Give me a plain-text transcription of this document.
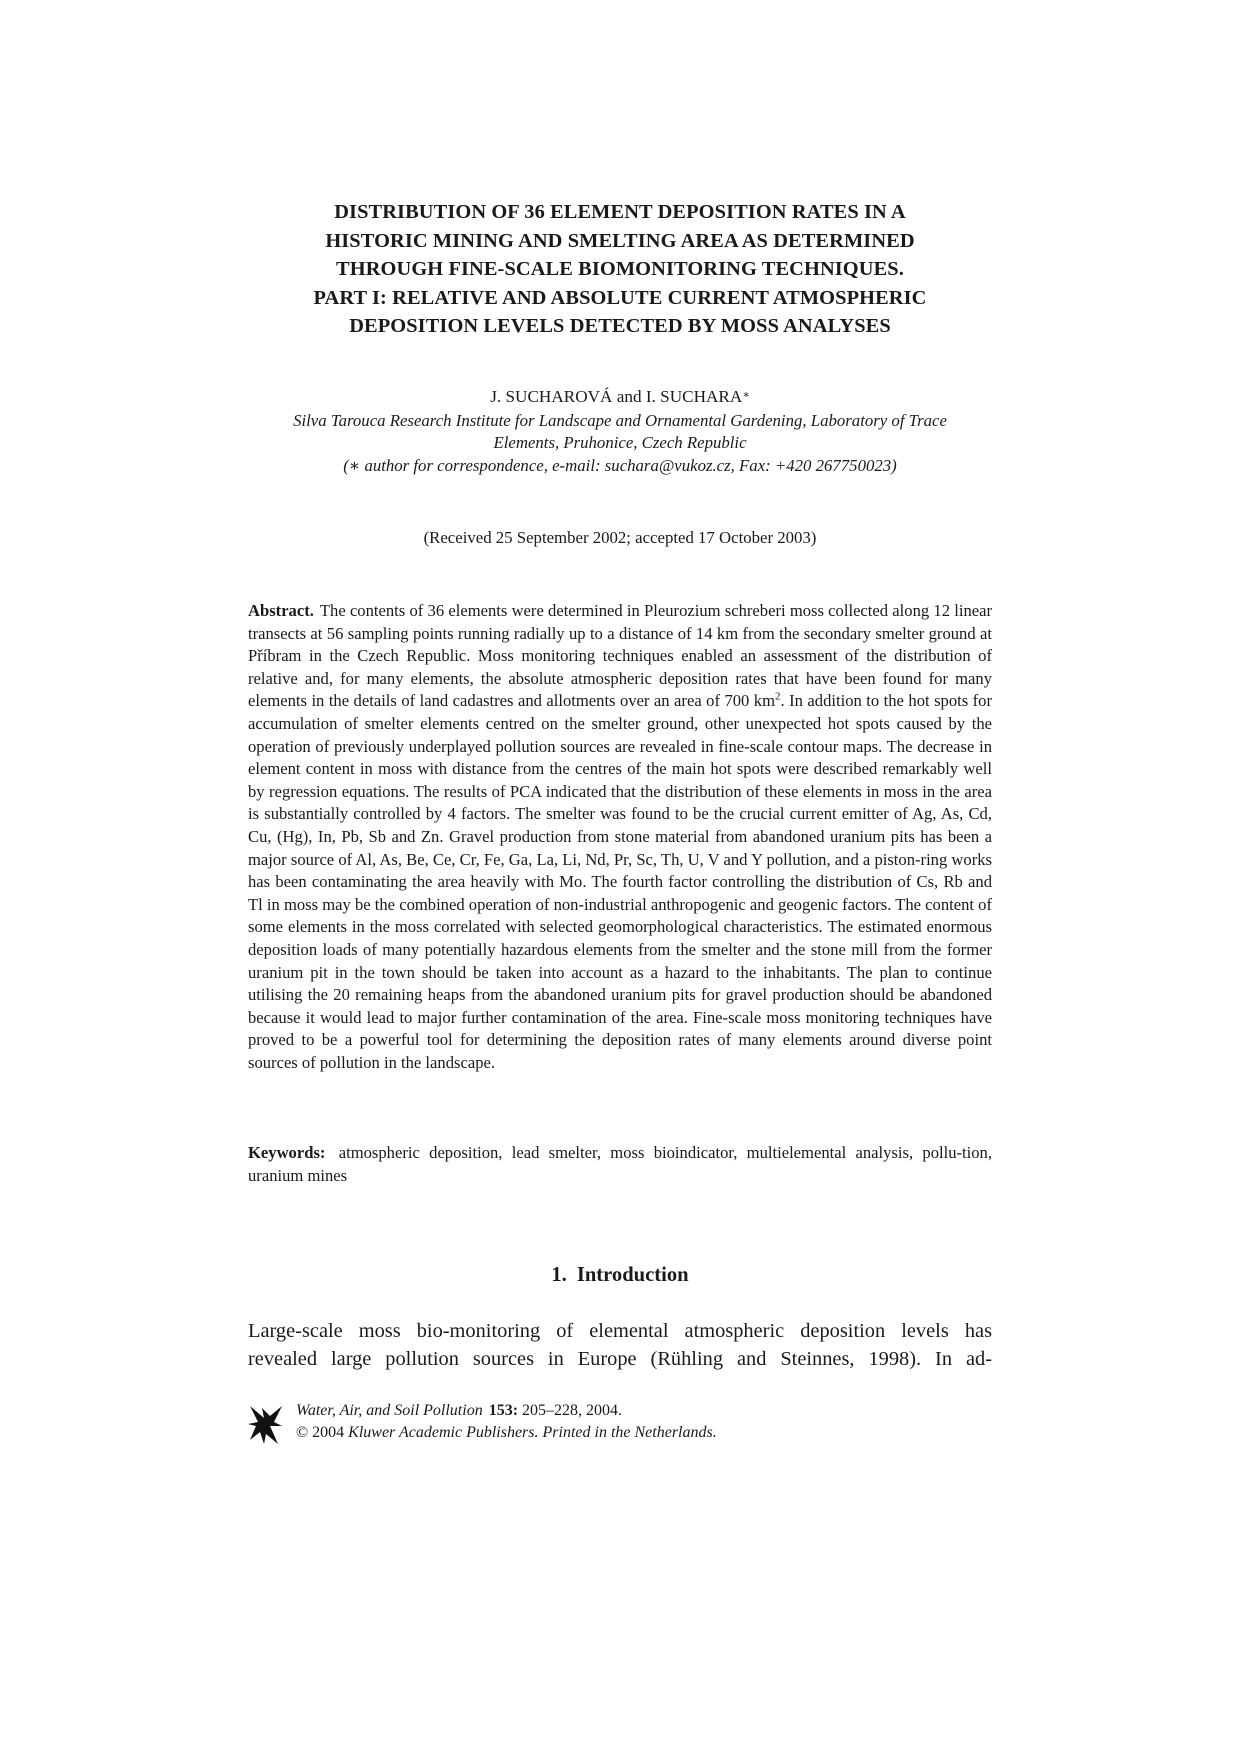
DISTRIBUTION OF 36 ELEMENT DEPOSITION RATES IN A
HISTORIC MINING AND SMELTING AREA AS DETERMINED
THROUGH FINE-SCALE BIOMONITORING TECHNIQUES.
PART I: RELATIVE AND ABSOLUTE CURRENT ATMOSPHERIC
DEPOSITION LEVELS DETECTED BY MOSS ANALYSES
J. SUCHAROVÁ and I. SUCHARA∗
Silva Tarouca Research Institute for Landscape and Ornamental Gardening, Laboratory of Trace
Elements, Pruhonice, Czech Republic
(∗ author for correspondence, e-mail: suchara@vukoz.cz, Fax: +420 267750023)
(Received 25 September 2002; accepted 17 October 2003)
Abstract. The contents of 36 elements were determined in Pleurozium schreberi moss collected along 12 linear transects at 56 sampling points running radially up to a distance of 14 km from the secondary smelter ground at Příbram in the Czech Republic. Moss monitoring techniques enabled an assessment of the distribution of relative and, for many elements, the absolute atmospheric deposition rates that have been found for many elements in the details of land cadastres and allotments over an area of 700 $km^2$. In addition to the hot spots for accumulation of smelter elements centred on the smelter ground, other unexpected hot spots caused by the operation of previously underplayed pollution sources are revealed in fine-scale contour maps. The decrease in element content in moss with distance from the centres of the main hot spots were described remarkably well by regression equations. The results of PCA indicated that the distribution of these elements in moss in the area is substantially controlled by 4 factors. The smelter was found to be the crucial current emitter of Ag, As, Cd, Cu, (Hg), In, Pb, Sb and Zn. Gravel production from stone material from abandoned uranium pits has been a major source of Al, As, Be, Ce, Cr, Fe, Ga, La, Li, Nd, Pr, Sc, Th, U, V and Y pollution, and a piston-ring works has been contaminating the area heavily with Mo. The fourth factor controlling the distribution of Cs, Rb and Tl in moss may be the combined operation of non-industrial anthropogenic and geogenic factors. The content of some elements in the moss correlated with selected geomorphological characteristics. The estimated enormous deposition loads of many potentially hazardous elements from the smelter and the stone mill from the former uranium pit in the town should be taken into account as a hazard to the inhabitants. The plan to continue utilising the 20 remaining heaps from the abandoned uranium pits for gravel production should be abandoned because it would lead to major further contamination of the area. Fine-scale moss monitoring techniques have proved to be a powerful tool for determining the deposition rates of many elements around diverse point sources of pollution in the landscape.
Keywords: atmospheric deposition, lead smelter, moss bioindicator, multielemental analysis, pollu-tion, uranium mines
1. Introduction
Large-scale moss bio-monitoring of elemental atmospheric deposition levels has
revealed large pollution sources in Europe (Rühling and Steinnes, 1998). In ad-
Water, Air, and Soil Pollution 153: 205–228, 2004.
© 2004 Kluwer Academic Publishers. Printed in the Netherlands.
